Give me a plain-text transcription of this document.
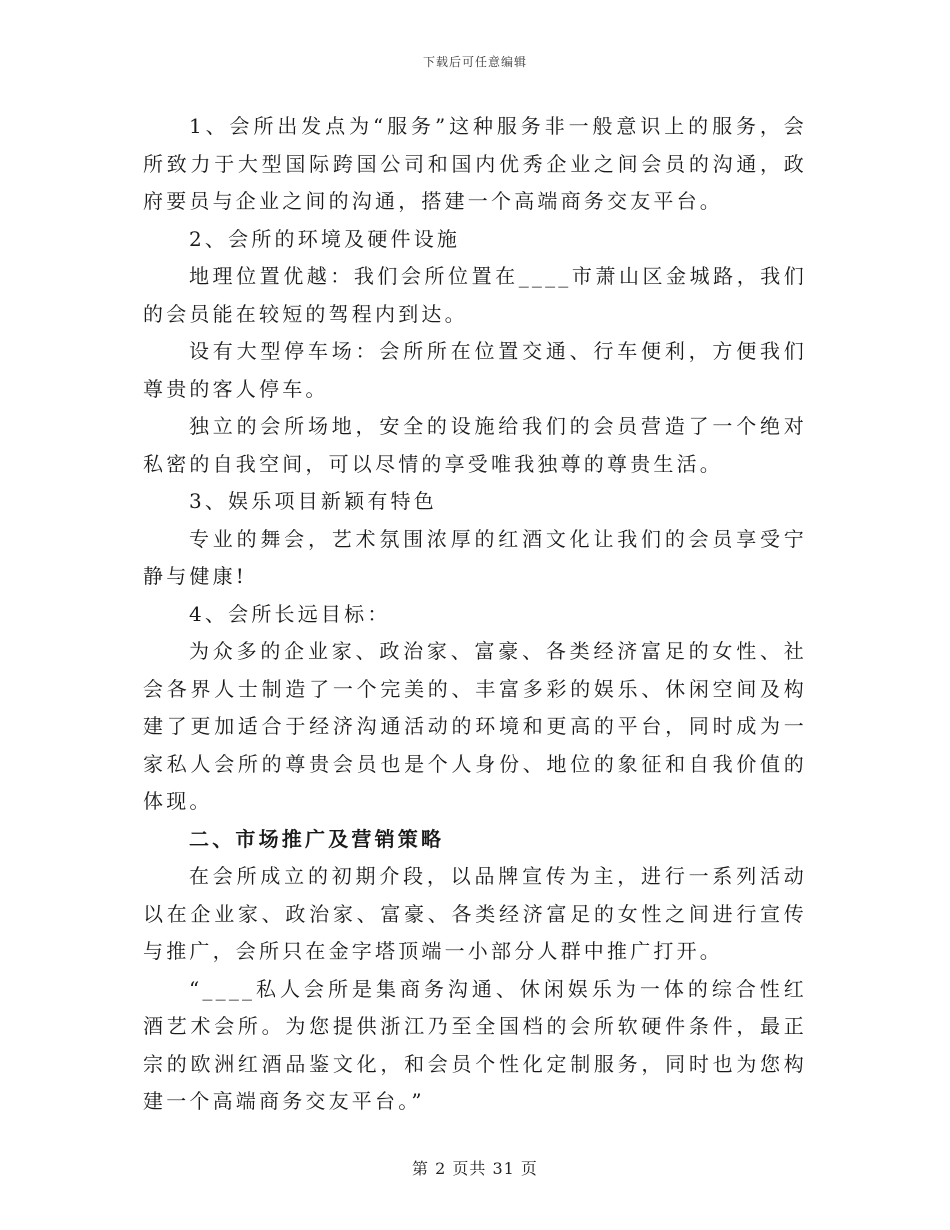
下载后可任意编辑

1、会所出发点为“服务”这种服务非一般意识上的服务，会所致力于大型国际跨国公司和国内优秀企业之间会员的沟通，政府要员与企业之间的沟通，搭建一个高端商务交友平台。

2、会所的环境及硬件设施

地理位置优越：我们会所位置在____市萧山区金城路，我们的会员能在较短的驾程内到达。

设有大型停车场：会所所在位置交通、行车便利，方便我们尊贵的客人停车。

独立的会所场地，安全的设施给我们的会员营造了一个绝对私密的自我空间，可以尽情的享受唯我独尊的尊贵生活。

3、娱乐项目新颖有特色

专业的舞会，艺术氛围浓厚的红酒文化让我们的会员享受宁静与健康!

4、会所长远目标：

为众多的企业家、政治家、富豪、各类经济富足的女性、社会各界人士制造了一个完美的、丰富多彩的娱乐、休闲空间及构建了更加适合于经济沟通活动的环境和更高的平台，同时成为一家私人会所的尊贵会员也是个人身份、地位的象征和自我价值的体现。

二、市场推广及营销策略

在会所成立的初期介段，以品牌宣传为主，进行一系列活动以在企业家、政治家、富豪、各类经济富足的女性之间进行宣传与推广，会所只在金字塔顶端一小部分人群中推广打开。

“____私人会所是集商务沟通、休闲娱乐为一体的综合性红酒艺术会所。为您提供浙江乃至全国档的会所软硬件条件，最正宗的欧洲红酒品鉴文化，和会员个性化定制服务，同时也为您构建一个高端商务交友平台。”

第 2 页共 31 页
